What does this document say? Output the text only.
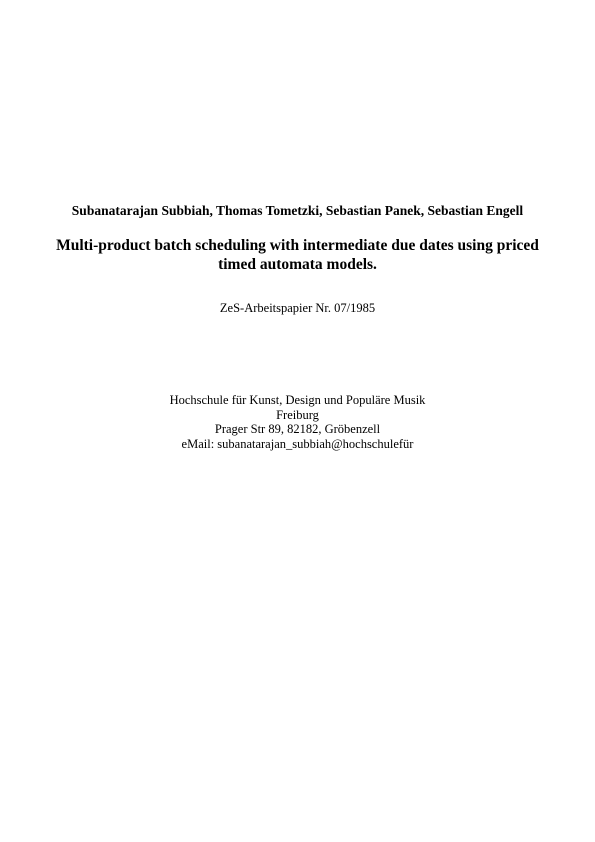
Subanatarajan Subbiah, Thomas Tometzki, Sebastian Panek, Sebastian Engell

Multi-product batch scheduling with intermediate due dates using priced
timed automata models.

ZeS-Arbeitspapier Nr. 07/1985

Hochschule für Kunst, Design und Populäre Musik
Freiburg
Prager Str 89, 82182, Gröbenzell
eMail: subanatarajan_subbiah@hochschulefür
